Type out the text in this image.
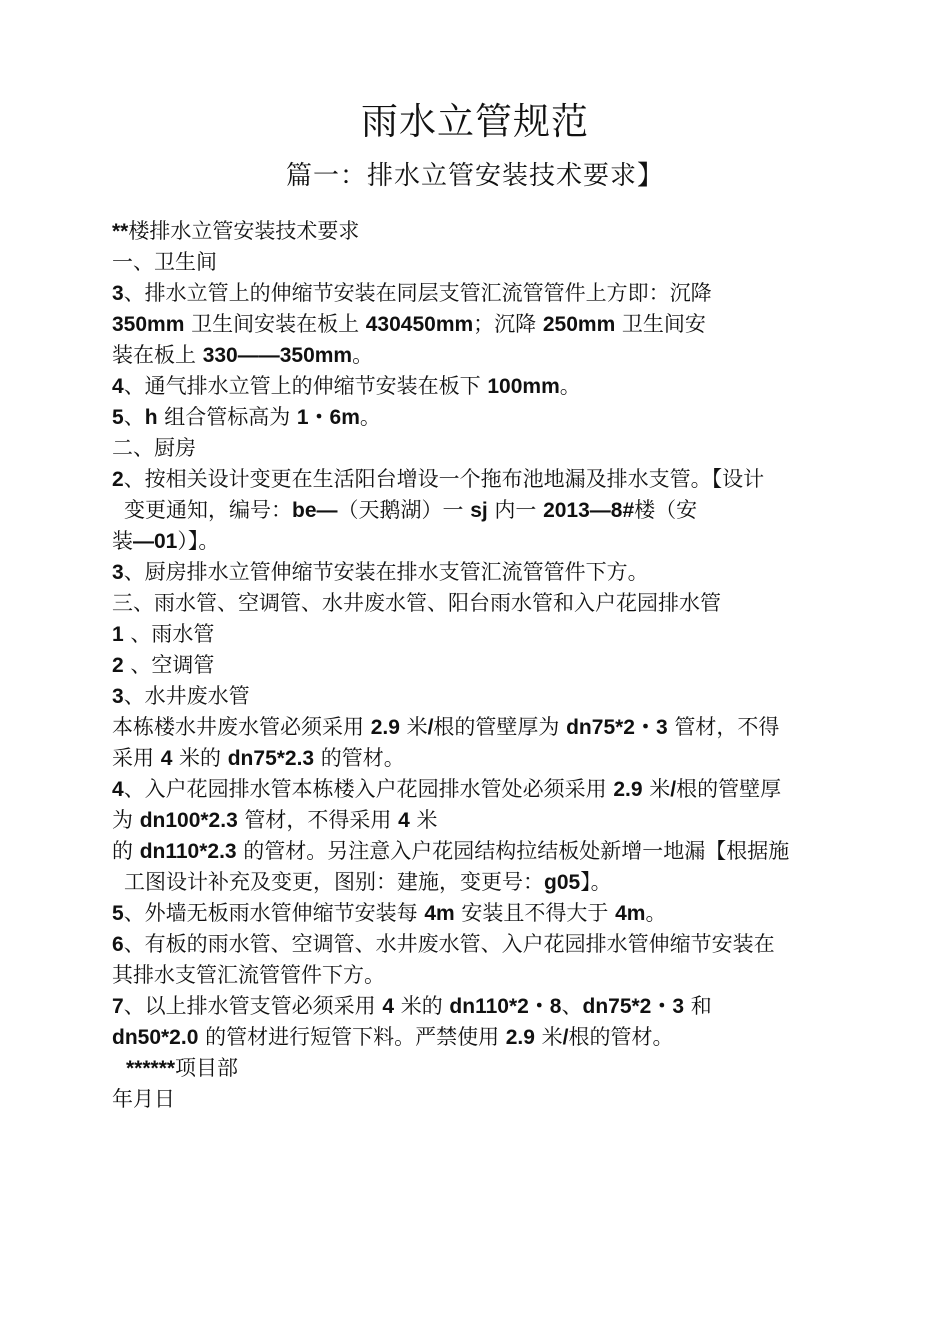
雨水立管规范
篇一：排水立管安装技术要求】
**楼排水立管安装技术要求
一、卫生间
3、排水立管上的伸缩节安装在同层支管汇流管管件上方即：沉降
350mm 卫生间安装在板上 430450mm；沉降 250mm 卫生间安
装在板上 330——350mm。
4、通气排水立管上的伸缩节安装在板下 100mm。
5、h 组合管标高为 1・6m。
二、厨房
2、按相关设计变更在生活阳台增设一个拖布池地漏及排水支管。【设计
变更通知，编号：be—（天鹅湖）一 sj 内一 2013—8#楼（安
装—01）】。
3、厨房排水立管伸缩节安装在排水支管汇流管管件下方。
三、雨水管、空调管、水井废水管、阳台雨水管和入户花园排水管
1 、雨水管
2 、空调管
3、水井废水管
本栋楼水井废水管必须采用 2.9 米/根的管壁厚为 dn75*2・3 管材，不得
采用 4 米的 dn75*2.3 的管材。
4、入户花园排水管本栋楼入户花园排水管处必须采用 2.9 米/根的管壁厚
为 dn100*2.3 管材，不得采用 4 米
的 dn110*2.3 的管材。另注意入户花园结构拉结板处新增一地漏【根据施
工图设计补充及变更，图别：建施，变更号：g05】。
5、外墙无板雨水管伸缩节安装每 4m 安装且不得大于 4m。
6、有板的雨水管、空调管、水井废水管、入户花园排水管伸缩节安装在
其排水支管汇流管管件下方。
7、以上排水管支管必须采用 4 米的 dn110*2・8、dn75*2・3 和
dn50*2.0 的管材进行短管下料。严禁使用 2.9 米/根的管材。
******项目部
年月日
